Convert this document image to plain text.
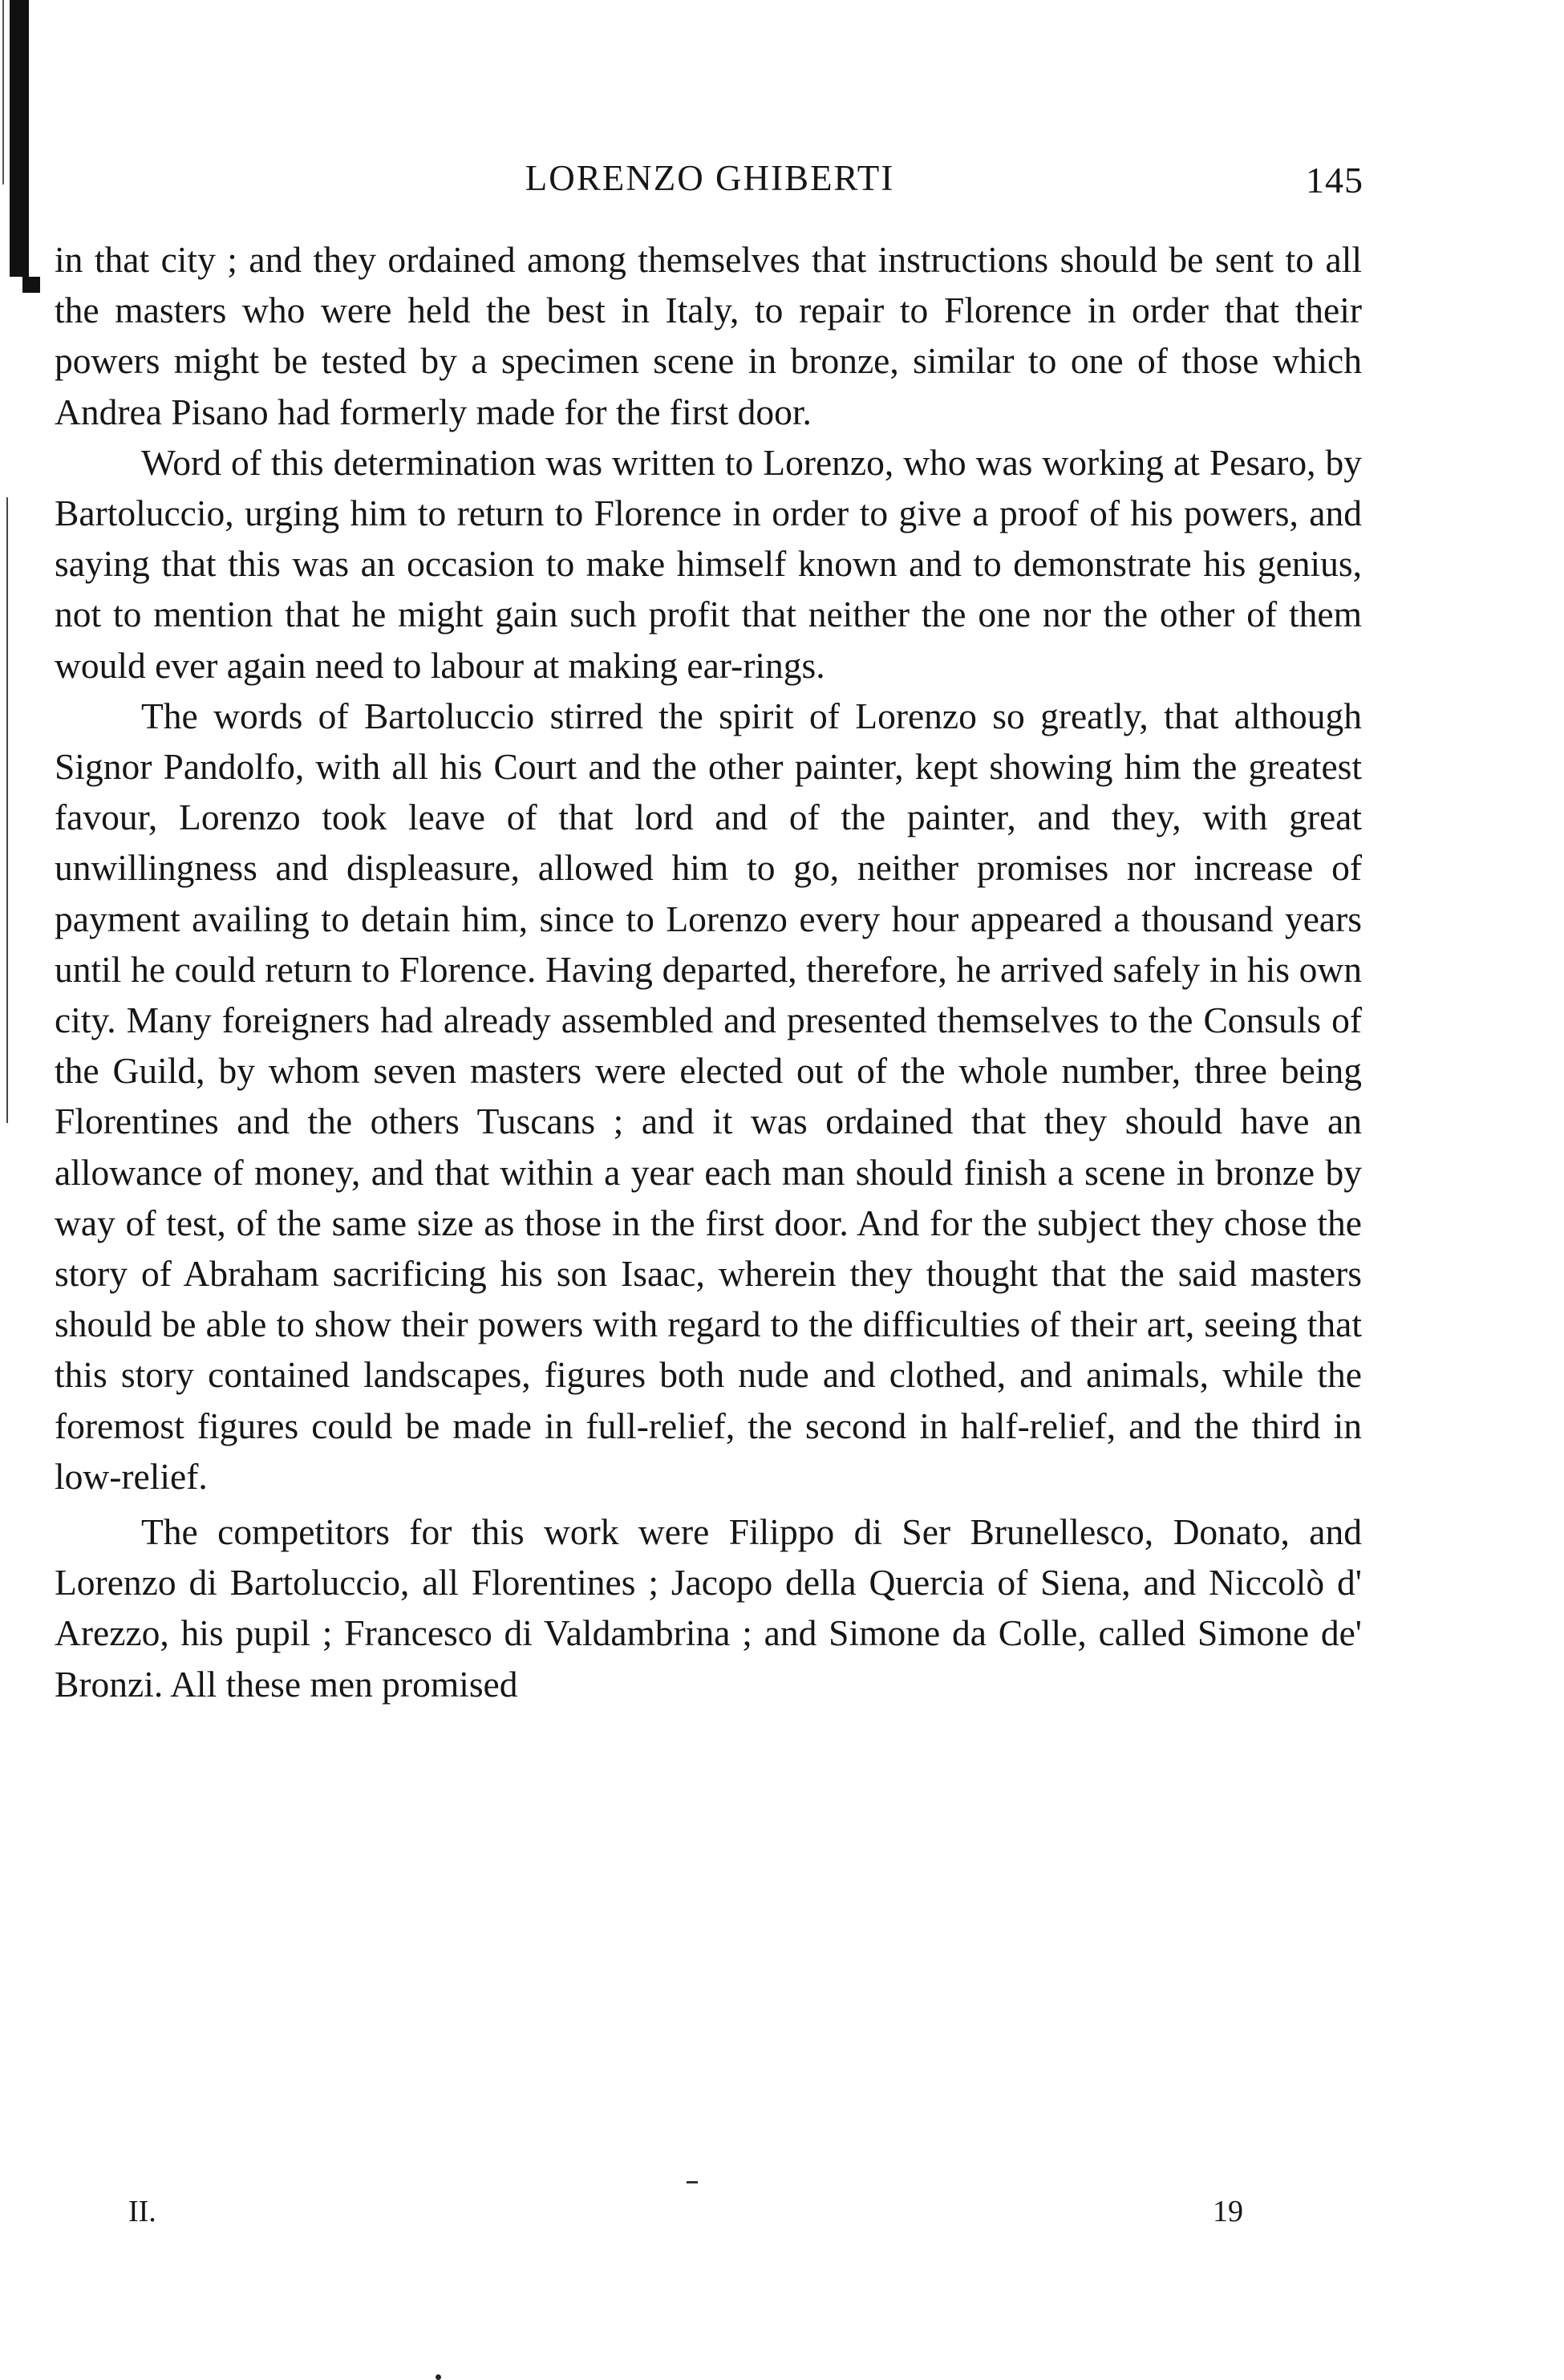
LORENZO GHIBERTI	145

in that city ; and they ordained among themselves that instructions should be sent to all the masters who were held the best in Italy, to repair to Florence in order that their powers might be tested by a specimen scene in bronze, similar to one of those which Andrea Pisano had formerly made for the first door.

Word of this determination was written to Lorenzo, who was working at Pesaro, by Bartoluccio, urging him to return to Florence in order to give a proof of his powers, and saying that this was an occasion to make himself known and to demonstrate his genius, not to mention that he might gain such profit that neither the one nor the other of them would ever again need to labour at making ear-rings.

The words of Bartoluccio stirred the spirit of Lorenzo so greatly, that although Signor Pandolfo, with all his Court and the other painter, kept showing him the greatest favour, Lorenzo took leave of that lord and of the painter, and they, with great unwillingness and displeasure, allowed him to go, neither promises nor increase of payment availing to detain him, since to Lorenzo every hour appeared a thousand years until he could return to Florence. Having departed, therefore, he arrived safely in his own city. Many foreigners had already assembled and presented themselves to the Consuls of the Guild, by whom seven masters were elected out of the whole number, three being Florentines and the others Tuscans ; and it was ordained that they should have an allowance of money, and that within a year each man should finish a scene in bronze by way of test, of the same size as those in the first door. And for the subject they chose the story of Abraham sacrificing his son Isaac, wherein they thought that the said masters should be able to show their powers with regard to the difficulties of their art, seeing that this story contained landscapes, figures both nude and clothed, and animals, while the foremost figures could be made in full-relief, the second in half-relief, and the third in low-relief.

The competitors for this work were Filippo di Ser Brunellesco, Donato, and Lorenzo di Bartoluccio, all Florentines ; Jacopo della Quercia of Siena, and Niccolò d' Arezzo, his pupil ; Francesco di Valdambrina ; and Simone da Colle, called Simone de' Bronzi. All these men promised

II.	19
